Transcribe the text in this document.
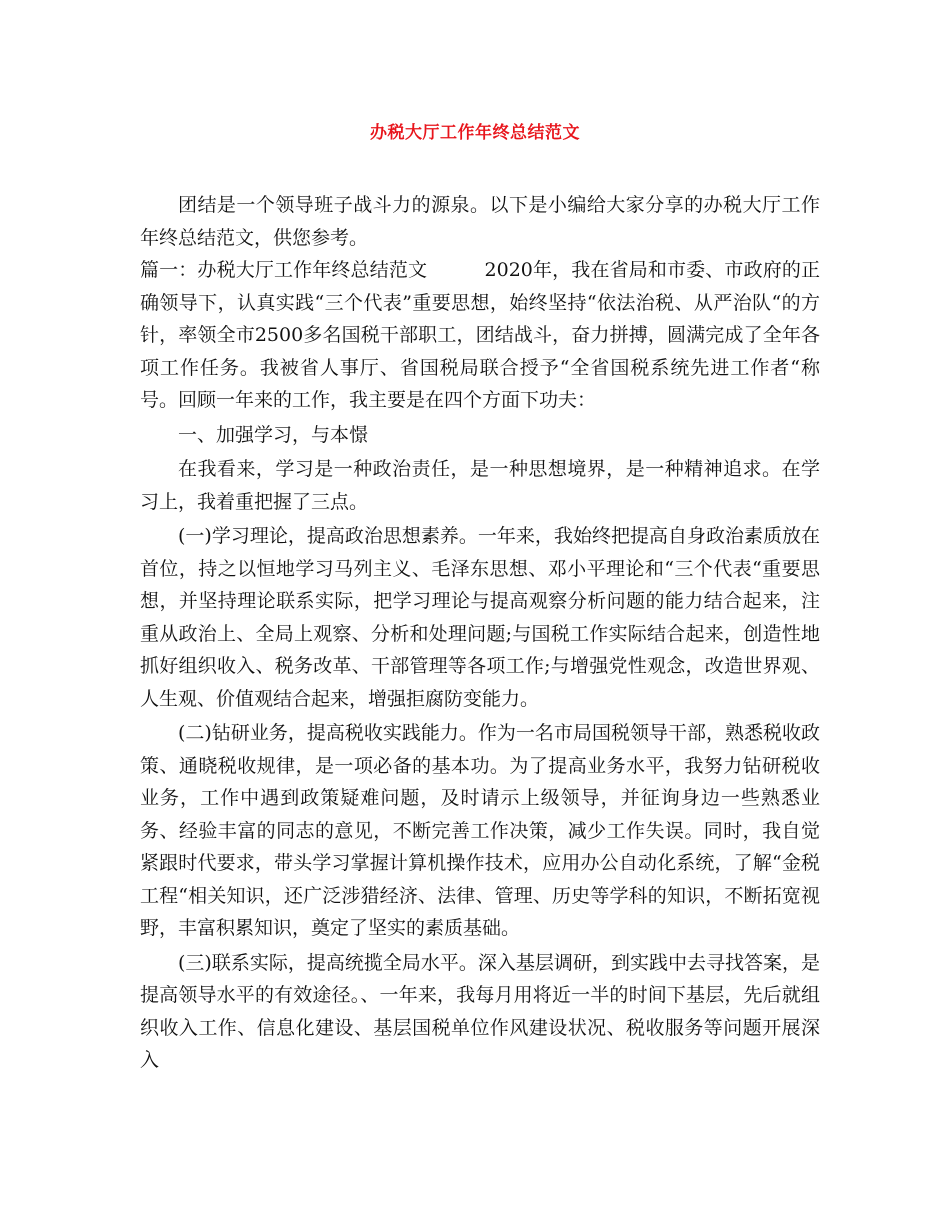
办税大厅工作年终总结范文

团结是一个领导班子战斗力的源泉。以下是小编给大家分享的办税大厅工作年终总结范文，供您参考。

篇一：办税大厅工作年终总结范文　　　2020年，我在省局和市委、市政府的正确领导下，认真实践“三个代表”重要思想，始终坚持“依法治税、从严治队“的方针，率领全市2500多名国税干部职工，团结战斗，奋力拼搏，圆满完成了全年各项工作任务。我被省人事厅、省国税局联合授予“全省国税系统先进工作者“称号。回顾一年来的工作，我主要是在四个方面下功夫：

一、加强学习，与本憬

在我看来，学习是一种政治责任，是一种思想境界，是一种精神追求。在学习上，我着重把握了三点。

(一)学习理论，提高政治思想素养。一年来，我始终把提高自身政治素质放在首位，持之以恒地学习马列主义、毛泽东思想、邓小平理论和“三个代表“重要思想，并坚持理论联系实际，把学习理论与提高观察分析问题的能力结合起来，注重从政治上、全局上观察、分析和处理问题;与国税工作实际结合起来，创造性地抓好组织收入、税务改革、干部管理等各项工作;与增强党性观念，改造世界观、人生观、价值观结合起来，增强拒腐防变能力。

(二)钻研业务，提高税收实践能力。作为一名市局国税领导干部，熟悉税收政策、通晓税收规律，是一项必备的基本功。为了提高业务水平，我努力钻研税收业务，工作中遇到政策疑难问题，及时请示上级领导，并征询身边一些熟悉业务、经验丰富的同志的意见，不断完善工作决策，减少工作失误。同时，我自觉紧跟时代要求，带头学习掌握计算机操作技术，应用办公自动化系统，了解“金税工程“相关知识，还广泛涉猎经济、法律、管理、历史等学科的知识，不断拓宽视野，丰富积累知识，奠定了坚实的素质基础。

(三)联系实际，提高统揽全局水平。深入基层调研，到实践中去寻找答案，是提高领导水平的有效途径。、一年来，我每月用将近一半的时间下基层，先后就组织收入工作、信息化建设、基层国税单位作风建设状况、税收服务等问题开展深入
